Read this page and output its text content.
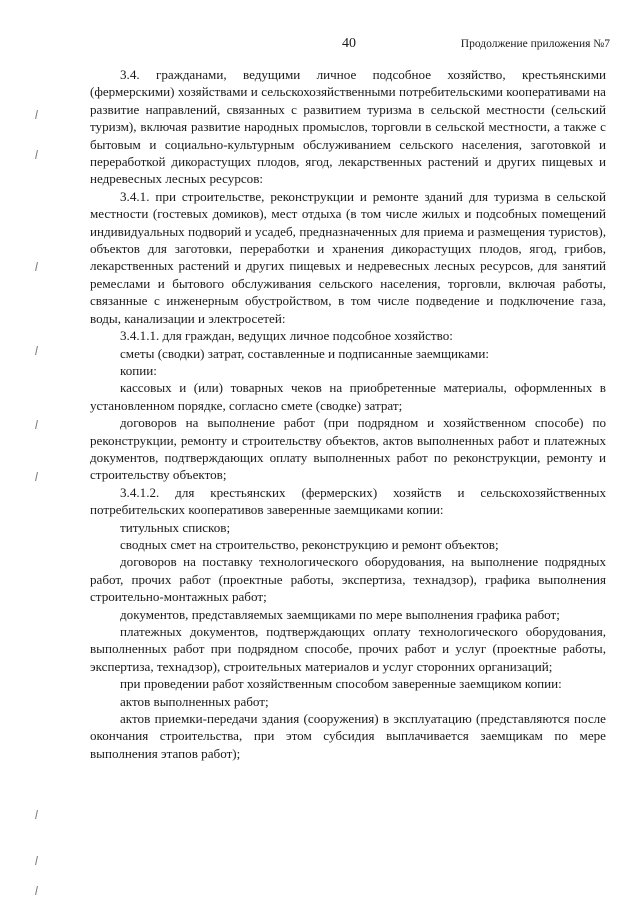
40	Продолжение приложения №7

3.4. гражданами, ведущими личное подсобное хозяйство, крестьянскими (фермерскими) хозяйствами и сельскохозяйственными потребительскими кооперативами на развитие направлений, связанных с развитием туризма в сельской местности (сельский туризм), включая развитие народных промыслов, торговли в сельской местности, а также с бытовым и социально-культурным обслуживанием сельского населения, заготовкой и переработкой дикорастущих плодов, ягод, лекарственных растений и других пищевых и недревесных лесных ресурсов:

3.4.1. при строительстве, реконструкции и ремонте зданий для туризма в сельской местности (гостевых домиков), мест отдыха (в том числе жилых и подсобных помещений индивидуальных подворий и усадеб, предназначенных для приема и размещения туристов), объектов для заготовки, переработки и хранения дикорастущих плодов, ягод, грибов, лекарственных растений и других пищевых и недревесных лесных ресурсов, для занятий ремеслами и бытового обслуживания сельского населения, торговли, включая работы, связанные с инженерным обустройством, в том числе подведение и подключение газа, воды, канализации и электросетей:

3.4.1.1. для граждан, ведущих личное подсобное хозяйство:

сметы (сводки) затрат, составленные и подписанные заемщиками:

копии:

кассовых и (или) товарных чеков на приобретенные материалы, оформленных в установленном порядке, согласно смете (сводке) затрат;

договоров на выполнение работ (при подрядном и хозяйственном способе) по реконструкции, ремонту и строительству объектов, актов выполненных работ и платежных документов, подтверждающих оплату выполненных работ по реконструкции, ремонту и строительству объектов;

3.4.1.2. для крестьянских (фермерских) хозяйств и сельскохозяйственных потребительских кооперативов заверенные заемщиками копии:

титульных списков;

сводных смет на строительство, реконструкцию и ремонт объектов;

договоров на поставку технологического оборудования, на выполнение подрядных работ, прочих работ (проектные работы, экспертиза, технадзор), графика выполнения строительно-монтажных работ;

документов, представляемых заемщиками по мере выполнения графика работ;

платежных документов, подтверждающих оплату технологического оборудования, выполненных работ при подрядном способе, прочих работ и услуг (проектные работы, экспертиза, технадзор), строительных материалов и услуг сторонних организаций;

при проведении работ хозяйственным способом заверенные заемщиком копии:

актов выполненных работ;

актов приемки-передачи здания (сооружения) в эксплуатацию (представляются после окончания строительства, при этом субсидия выплачивается заемщикам по мере выполнения этапов работ);
